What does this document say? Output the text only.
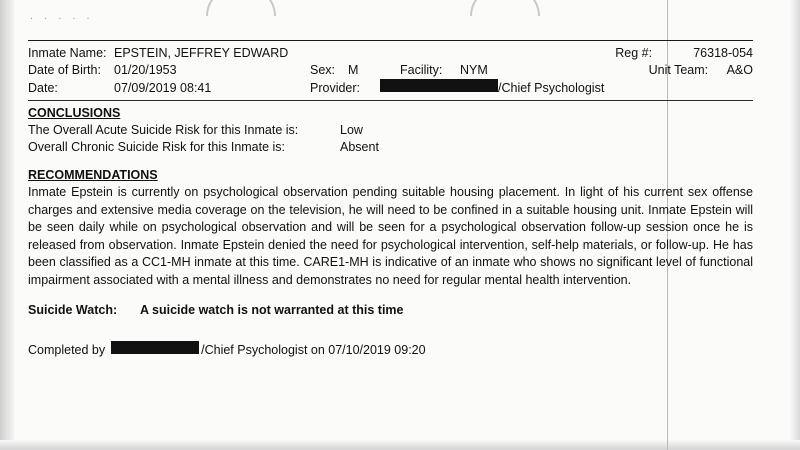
. . . . .
Inmate Name: EPSTEIN, JEFFREY EDWARD	Reg #:	76318-054
Date of Birth:	01/20/1953	Sex:	M	Facility:	NYM	Unit Team:	A&O
Date:	07/09/2019 08:41	Provider:	/Chief Psychologist
CONCLUSIONS
The Overall Acute Suicide Risk for this Inmate is:	Low
Overall Chronic Suicide Risk for this Inmate is:	Absent
RECOMMENDATIONS

Inmate Epstein is currently on psychological observation pending suitable housing placement. In light of his current sex offense charges and extensive media coverage on the television, he will need to be confined in a suitable housing unit. Inmate Epstein will be seen daily while on psychological observation and will be seen for a psychological observation follow-up session once he is released from observation. Inmate Epstein denied the need for psychological intervention, self-help materials, or follow-up. He has been classified as a CC1-MH inmate at this time. CARE1-MH is indicative of an inmate who shows no significant level of functional impairment associated with a mental illness and demonstrates no need for regular mental health intervention.

Suicide Watch:	A suicide watch is not warranted at this time
Completed by	/Chief Psychologist on 07/10/2019 09:20
